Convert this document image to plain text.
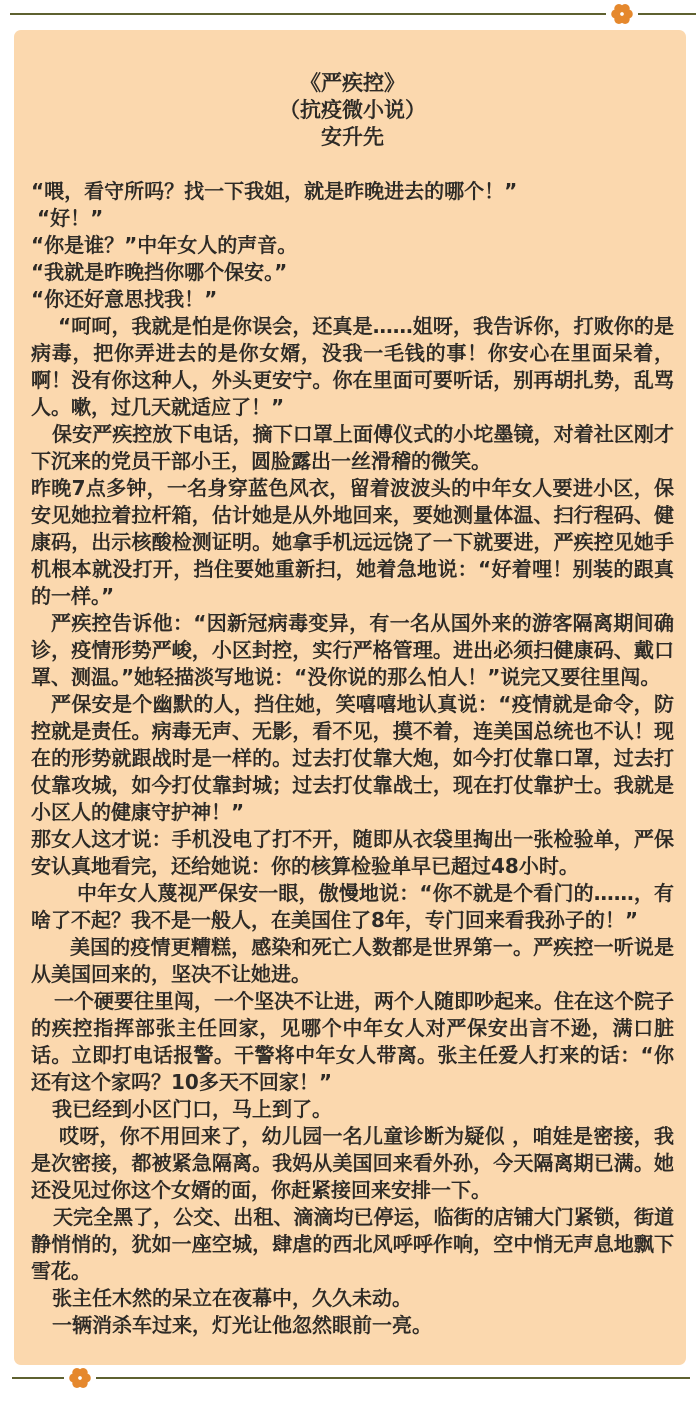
《严疾控》
（抗疫微小说）
安升先

“喂，看守所吗？找一下我姐，就是昨晚进去的哪个！”

“好！”

“你是谁？”中年女人的声音。

“我就是昨晚挡你哪个保安。”

“你还好意思找我！”

“呵呵，我就是怕是你误会，还真是……姐呀，我告诉你，打败你的是病毒，把你弄进去的是你女婿，没我一毛钱的事！你安心在里面呆着，啊！没有你这种人，外头更安宁。你在里面可要听话，别再胡扎势，乱骂人。嗽，过几天就适应了！”

保安严疾控放下电话，摘下口罩上面傅仪式的小坨墨镜，对着社区刚才下沉来的党员干部小王，圆脸露出一丝滑稽的微笑。

昨晚7点多钟，一名身穿蓝色风衣，留着波波头的中年女人要进小区，保安见她拉着拉杆箱，估计她是从外地回来，要她测量体温、扫行程码、健康码，出示核酸检测证明。她拿手机远远饶了一下就要进，严疾控见她手机根本就没打开，挡住要她重新扫，她着急地说：“好着哩！别装的跟真的一样。”

严疾控告诉他：“因新冠病毒变异，有一名从国外来的游客隔离期间确诊，疫情形势严峻，小区封控，实行严格管理。进出必须扫健康码、戴口罩、测温。”她轻描淡写地说：“没你说的那么怕人！”说完又要往里闯。

严保安是个幽默的人，挡住她，笑嘻嘻地认真说：“疫情就是命令，防控就是责任。病毒无声、无影，看不见，摸不着，连美国总统也不认！现在的形势就跟战时是一样的。过去打仗靠大炮，如今打仗靠口罩，过去打仗靠攻城，如今打仗靠封城；过去打仗靠战士，现在打仗靠护士。我就是小区人的健康守护神！”

那女人这才说：手机没电了打不开，随即从衣袋里掏出一张检验单，严保安认真地看完，还给她说：你的核算检验单早已超过48小时。

中年女人蔑视严保安一眼，傲慢地说：“你不就是个看门的……，有啥了不起？我不是一般人，在美国住了8年，专门回来看我孙子的！”

美国的疫情更糟糕，感染和死亡人数都是世界第一。严疾控一听说是从美国回来的，坚决不让她进。

一个硬要往里闯，一个坚决不让进，两个人随即吵起来。住在这个院子的疾控指挥部张主任回家，见哪个中年女人对严保安出言不逊，满口脏话。立即打电话报警。干警将中年女人带离。张主任爱人打来的话：“你还有这个家吗？10多天不回家！”

我已经到小区门口，马上到了。

哎呀，你不用回来了，幼儿园一名儿童诊断为疑似 ，咱娃是密接，我是次密接，都被紧急隔离。我妈从美国回来看外孙，今天隔离期已满。她还没见过你这个女婿的面，你赶紧接回来安排一下。

天完全黑了，公交、出租、滴滴均已停运，临街的店铺大门紧锁，街道静悄悄的，犹如一座空城，肆虐的西北风呼呼作响，空中悄无声息地飘下雪花。

张主任木然的呆立在夜幕中，久久未动。

一辆消杀车过来，灯光让他忽然眼前一亮。
